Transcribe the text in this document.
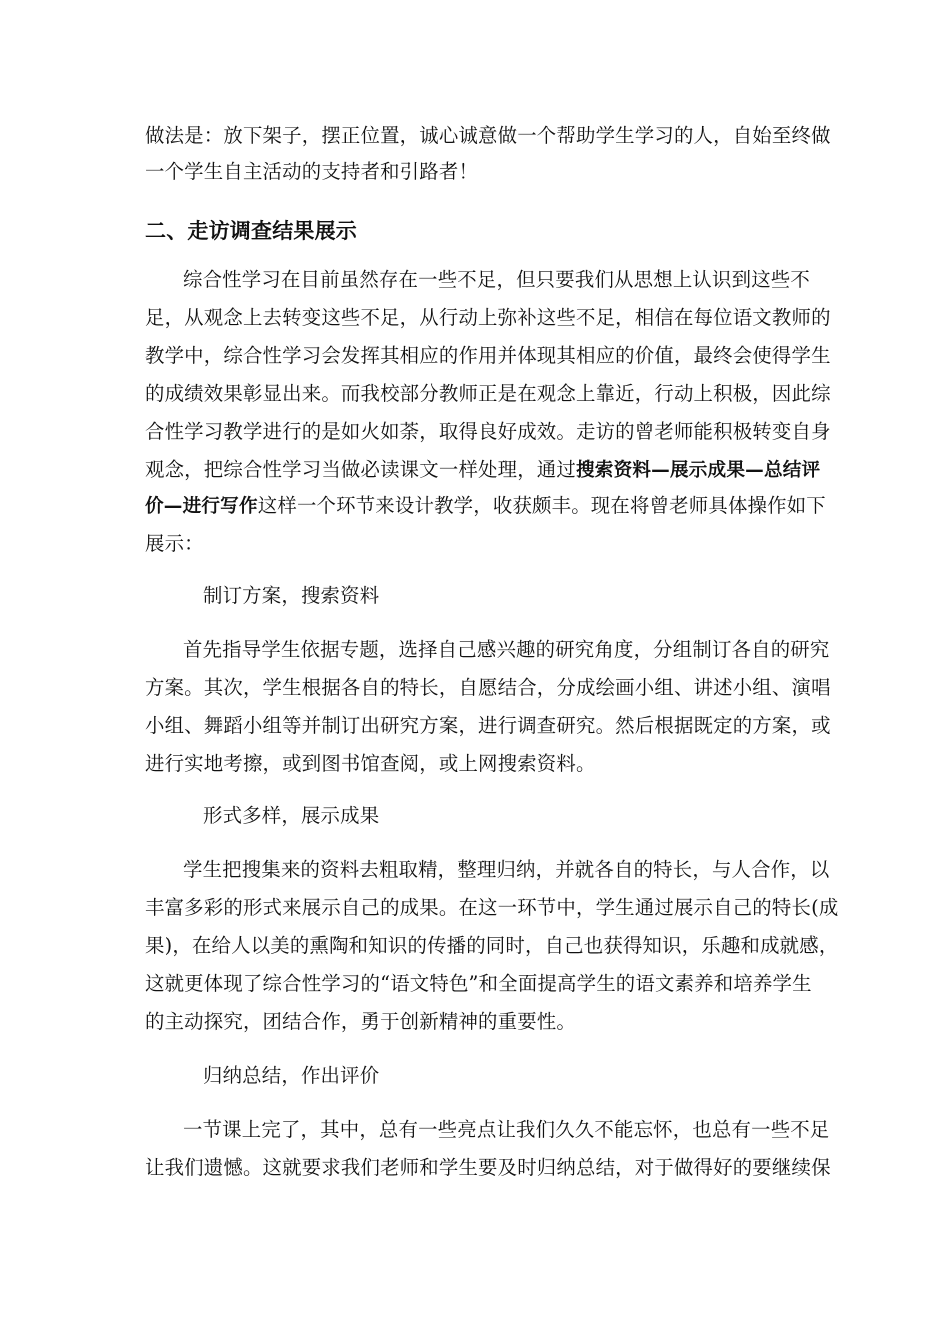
做法是：放下架子，摆正位置，诚心诚意做一个帮助学生学习的人，自始至终做
一个学生自主活动的支持者和引路者！
二、走访调查结果展示
综合性学习在目前虽然存在一些不足，但只要我们从思想上认识到这些不
足，从观念上去转变这些不足，从行动上弥补这些不足，相信在每位语文教师的
教学中，综合性学习会发挥其相应的作用并体现其相应的价值，最终会使得学生
的成绩效果彰显出来。而我校部分教师正是在观念上靠近，行动上积极，因此综
合性学习教学进行的是如火如荼，取得良好成效。走访的曾老师能积极转变自身
观念，把综合性学习当做必读课文一样处理，通过搜索资料—展示成果—总结评
价—进行写作这样一个环节来设计教学，收获颇丰。现在将曾老师具体操作如下
展示：
制订方案，搜索资料
首先指导学生依据专题，选择自己感兴趣的研究角度，分组制订各自的研究
方案。其次，学生根据各自的特长，自愿结合，分成绘画小组、讲述小组、演唱
小组、舞蹈小组等并制订出研究方案，进行调查研究。然后根据既定的方案，或
进行实地考擦，或到图书馆查阅，或上网搜索资料。
形式多样，展示成果
学生把搜集来的资料去粗取精，整理归纳，并就各自的特长，与人合作，以
丰富多彩的形式来展示自己的成果。在这一环节中，学生通过展示自己的特长(成
果)，在给人以美的熏陶和知识的传播的同时，自己也获得知识，乐趣和成就感，
这就更体现了综合性学习的“语文特色”和全面提高学生的语文素养和培养学生
的主动探究，团结合作，勇于创新精神的重要性。
归纳总结，作出评价
一节课上完了，其中，总有一些亮点让我们久久不能忘怀，也总有一些不足
让我们遗憾。这就要求我们老师和学生要及时归纳总结，对于做得好的要继续保
